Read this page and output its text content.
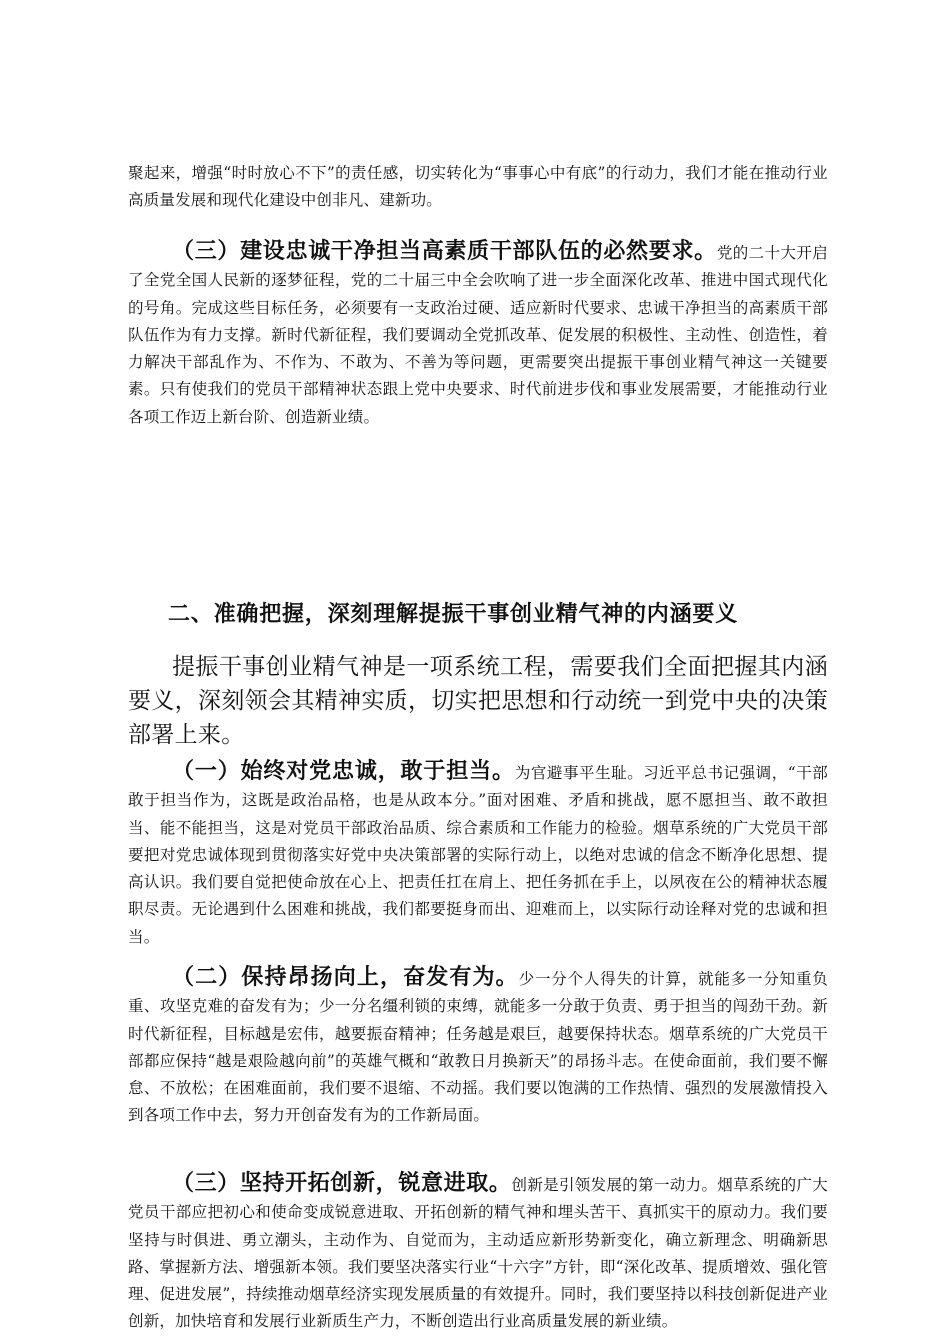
聚起来，增强“时时放心不下”的责任感，切实转化为“事事心中有底”的行动力，我们才能在推动行业高质量发展和现代化建设中创非凡、建新功。

（三）建设忠诚干净担当高素质干部队伍的必然要求。党的二十大开启了全党全国人民新的逐梦征程，党的二十届三中全会吹响了进一步全面深化改革、推进中国式现代化的号角。完成这些目标任务，必须要有一支政治过硬、适应新时代要求、忠诚干净担当的高素质干部队伍作为有力支撑。新时代新征程，我们要调动全党抓改革、促发展的积极性、主动性、创造性，着力解决干部乱作为、不作为、不敢为、不善为等问题，更需要突出提振干事创业精气神这一关键要素。只有使我们的党员干部精神状态跟上党中央要求、时代前进步伐和事业发展需要，才能推动行业各项工作迈上新台阶、创造新业绩。

二、准确把握，深刻理解提振干事创业精气神的内涵要义

提振干事创业精气神是一项系统工程，需要我们全面把握其内涵要义，深刻领会其精神实质，切实把思想和行动统一到党中央的决策部署上来。

（一）始终对党忠诚，敢于担当。为官避事平生耻。习近平总书记强调，“干部敢于担当作为，这既是政治品格，也是从政本分。”面对困难、矛盾和挑战，愿不愿担当、敢不敢担当、能不能担当，这是对党员干部政治品质、综合素质和工作能力的检验。烟草系统的广大党员干部要把对党忠诚体现到贯彻落实好党中央决策部署的实际行动上，以绝对忠诚的信念不断净化思想、提高认识。我们要自觉把使命放在心上、把责任扛在肩上、把任务抓在手上，以夙夜在公的精神状态履职尽责。无论遇到什么困难和挑战，我们都要挺身而出、迎难而上，以实际行动诠释对党的忠诚和担当。

（二）保持昂扬向上，奋发有为。少一分个人得失的计算，就能多一分知重负重、攻坚克难的奋发有为；少一分名缰利锁的束缚，就能多一分敢于负责、勇于担当的闯劲干劲。新时代新征程，目标越是宏伟，越要振奋精神；任务越是艰巨，越要保持状态。烟草系统的广大党员干部都应保持“越是艰险越向前”的英雄气概和“敢教日月换新天”的昂扬斗志。在使命面前，我们要不懈怠、不放松；在困难面前，我们要不退缩、不动摇。我们要以饱满的工作热情、强烈的发展激情投入到各项工作中去，努力开创奋发有为的工作新局面。

（三）坚持开拓创新，锐意进取。创新是引领发展的第一动力。烟草系统的广大党员干部应把初心和使命变成锐意进取、开拓创新的精气神和埋头苦干、真抓实干的原动力。我们要坚持与时俱进、勇立潮头，主动作为、自觉而为，主动适应新形势新变化，确立新理念、明确新思路、掌握新方法、增强新本领。我们要坚决落实行业“十六字”方针，即“深化改革、提质增效、强化管理、促进发展”，持续推动烟草经济实现发展质量的有效提升。同时，我们要坚持以科技创新促进产业创新，加快培育和发展行业新质生产力，不断创造出行业高质量发展的新业绩。
